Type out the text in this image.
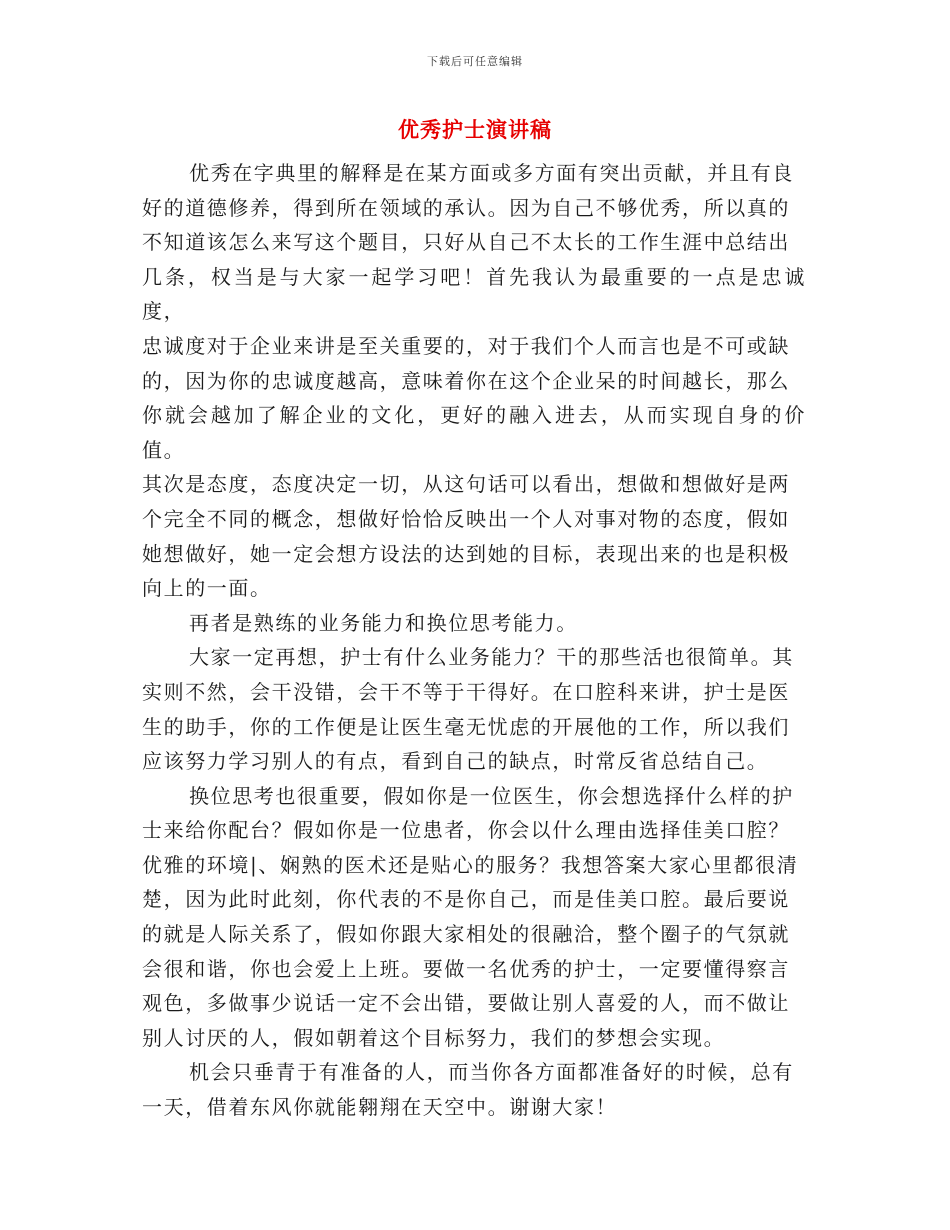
下载后可任意编辑
优秀护士演讲稿

优秀在字典里的解释是在某方面或多方面有突出贡献，并且有良
好的道德修养，得到所在领域的承认。因为自己不够优秀，所以真的
不知道该怎么来写这个题目，只好从自己不太长的工作生涯中总结出
几条，权当是与大家一起学习吧！首先我认为最重要的一点是忠诚度，
忠诚度对于企业来讲是至关重要的，对于我们个人而言也是不可或缺
的，因为你的忠诚度越高，意味着你在这个企业呆的时间越长，那么
你就会越加了解企业的文化，更好的融入进去，从而实现自身的价值。
其次是态度，态度决定一切，从这句话可以看出，想做和想做好是两
个完全不同的概念，想做好恰恰反映出一个人对事对物的态度，假如
她想做好，她一定会想方设法的达到她的目标，表现出来的也是积极
向上的一面。

再者是熟练的业务能力和换位思考能力。

大家一定再想，护士有什么业务能力？干的那些活也很简单。其
实则不然，会干没错，会干不等于干得好。在口腔科来讲，护士是医
生的助手，你的工作便是让医生毫无忧虑的开展他的工作，所以我们
应该努力学习别人的有点，看到自己的缺点，时常反省总结自己。

换位思考也很重要，假如你是一位医生，你会想选择什么样的护
士来给你配台？假如你是一位患者，你会以什么理由选择佳美口腔？
优雅的环境|、娴熟的医术还是贴心的服务？我想答案大家心里都很清
楚，因为此时此刻，你代表的不是你自己，而是佳美口腔。最后要说
的就是人际关系了，假如你跟大家相处的很融洽，整个圈子的气氛就
会很和谐，你也会爱上上班。要做一名优秀的护士，一定要懂得察言
观色，多做事少说话一定不会出错，要做让别人喜爱的人，而不做让
别人讨厌的人，假如朝着这个目标努力，我们的梦想会实现。

机会只垂青于有准备的人，而当你各方面都准备好的时候，总有
一天，借着东风你就能翱翔在天空中。谢谢大家！
